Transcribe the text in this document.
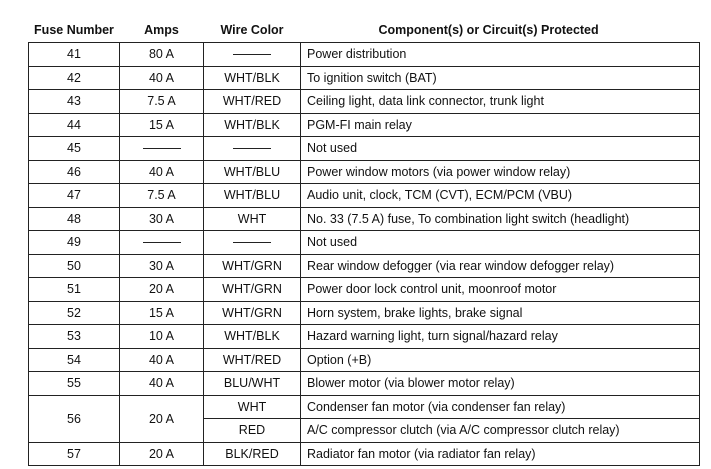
Fuse Number	Amps	Wire Color	Component(s) or Circuit(s) Protected
41	80 A		Power distribution
42	40 A	WHT/BLK	To ignition switch (BAT)
43	7.5 A	WHT/RED	Ceiling light, data link connector, trunk light
44	15 A	WHT/BLK	PGM-FI main relay
45			Not used
46	40 A	WHT/BLU	Power window motors (via power window relay)
47	7.5 A	WHT/BLU	Audio unit, clock, TCM (CVT), ECM/PCM (VBU)
48	30 A	WHT	No. 33 (7.5 A) fuse, To combination light switch (headlight)
49			Not used
50	30 A	WHT/GRN	Rear window defogger (via rear window defogger relay)
51	20 A	WHT/GRN	Power door lock control unit, moonroof motor
52	15 A	WHT/GRN	Horn system, brake lights, brake signal
53	10 A	WHT/BLK	Hazard warning light, turn signal/hazard relay
54	40 A	WHT/RED	Option (+B)
55	40 A	BLU/WHT	Blower motor (via blower motor relay)
56	20 A	WHT	Condenser fan motor (via condenser fan relay)
		RED	A/C compressor clutch (via A/C compressor clutch relay)
57	20 A	BLK/RED	Radiator fan motor (via radiator fan relay)
